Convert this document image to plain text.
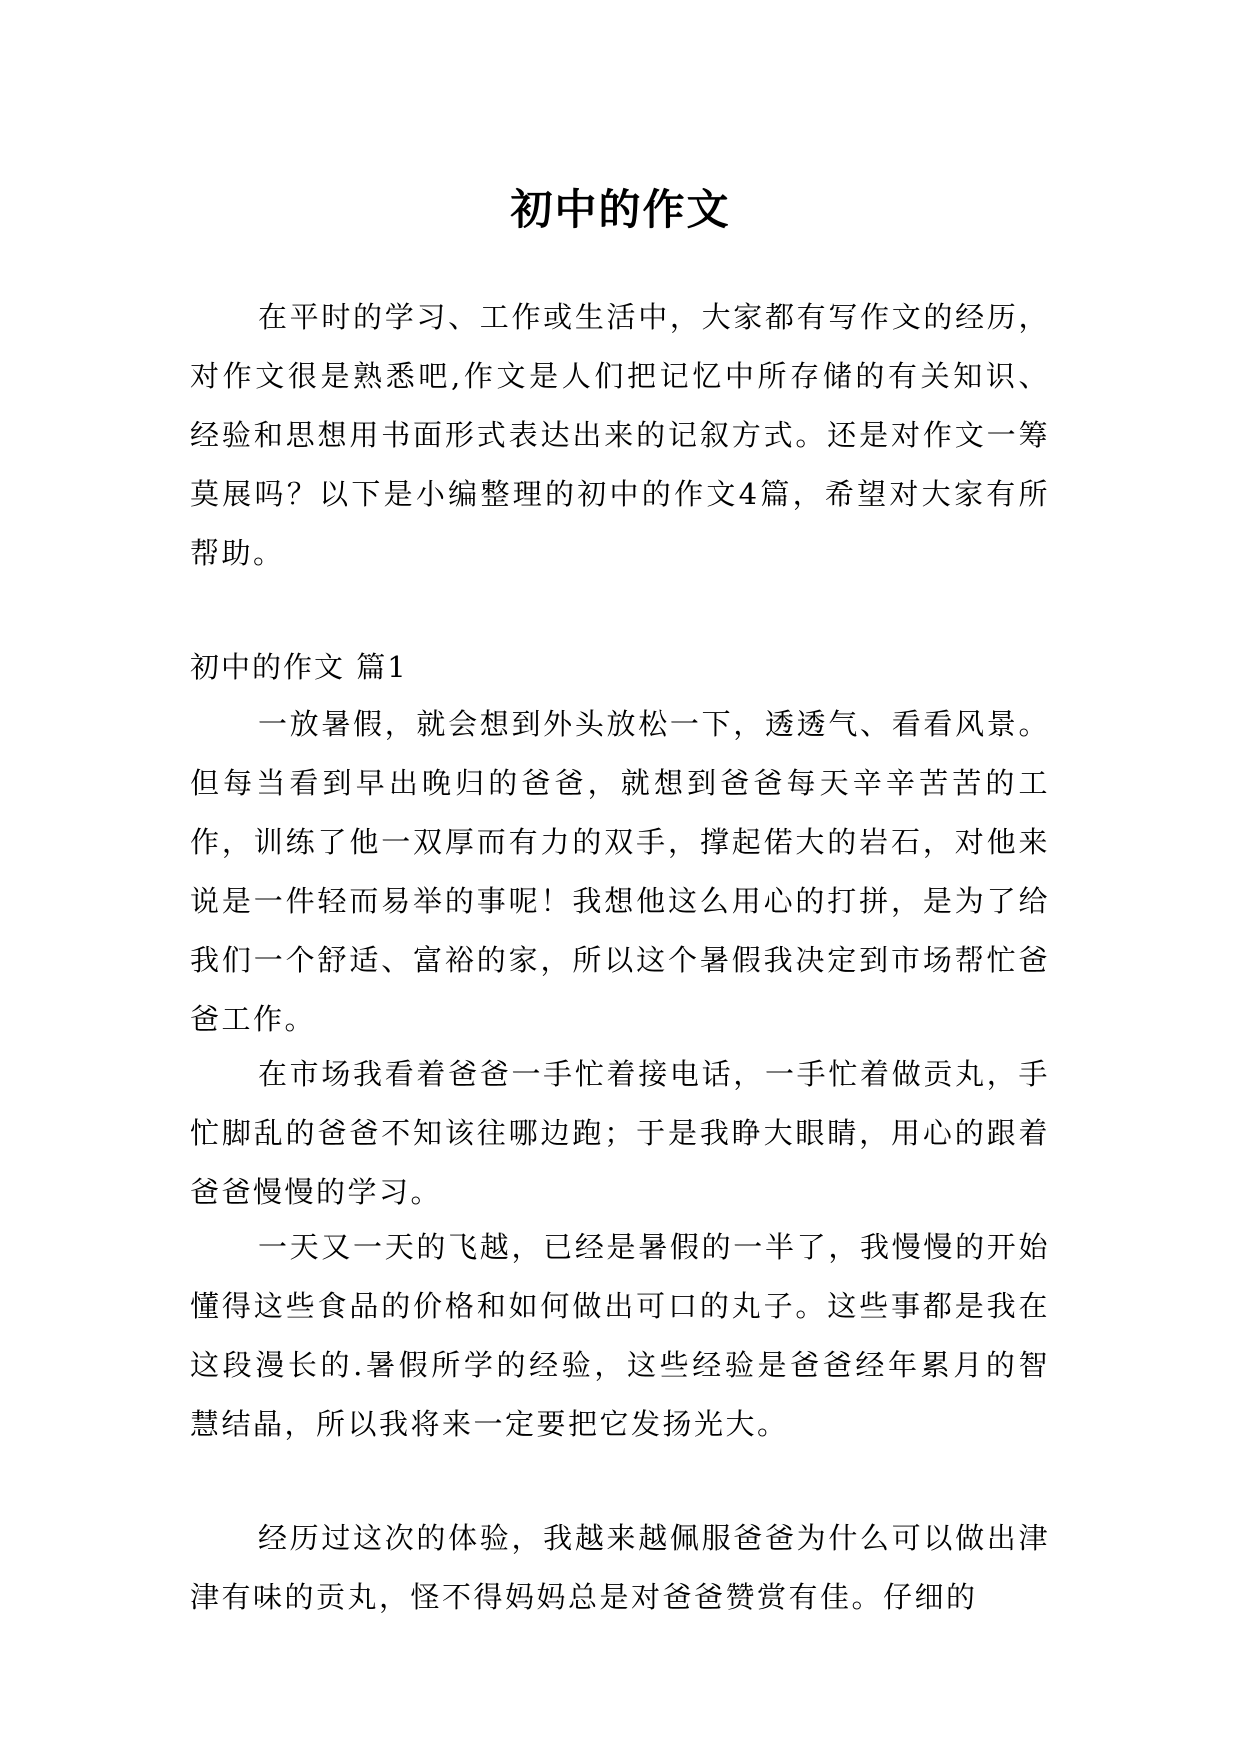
初中的作文

在平时的学习、工作或生活中，大家都有写作文的经历，对作文很是熟悉吧,作文是人们把记忆中所存储的有关知识、经验和思想用书面形式表达出来的记叙方式。还是对作文一筹莫展吗？以下是小编整理的初中的作文4篇，希望对大家有所帮助。

初中的作文 篇1

一放暑假，就会想到外头放松一下，透透气、看看风景。但每当看到早出晚归的爸爸，就想到爸爸每天辛辛苦苦的工作，训练了他一双厚而有力的双手，撑起偌大的岩石，对他来说是一件轻而易举的事呢！我想他这么用心的打拼，是为了给我们一个舒适、富裕的家，所以这个暑假我决定到市场帮忙爸爸工作。

在市场我看着爸爸一手忙着接电话，一手忙着做贡丸，手忙脚乱的爸爸不知该往哪边跑；于是我睁大眼睛，用心的跟着爸爸慢慢的学习。

一天又一天的飞越，已经是暑假的一半了，我慢慢的开始懂得这些食品的价格和如何做出可口的丸子。这些事都是我在这段漫长的.暑假所学的经验，这些经验是爸爸经年累月的智慧结晶，所以我将来一定要把它发扬光大。

经历过这次的体验，我越来越佩服爸爸为什么可以做出津津有味的贡丸，怪不得妈妈总是对爸爸赞赏有佳。仔细的
